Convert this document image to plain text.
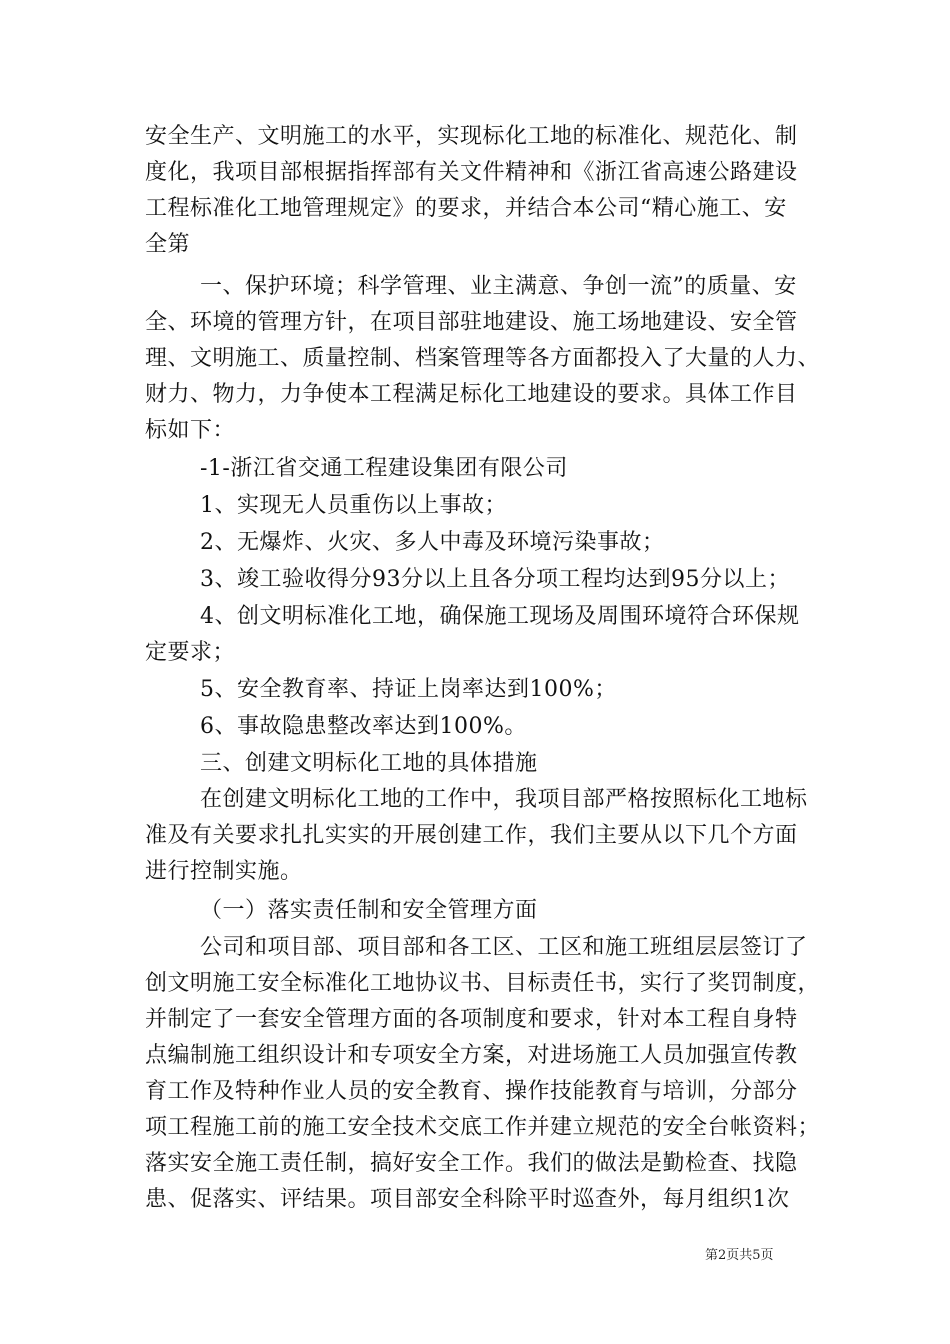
安全生产、文明施工的水平，实现标化工地的标准化、规范化、制
度化，我项目部根据指挥部有关文件精神和《浙江省高速公路建设
工程标准化工地管理规定》的要求，并结合本公司“精心施工、安
全第
一、保护环境；科学管理、业主满意、争创一流”的质量、安
全、环境的管理方针，在项目部驻地建设、施工场地建设、安全管
理、文明施工、质量控制、档案管理等各方面都投入了大量的人力、
财力、物力，力争使本工程满足标化工地建设的要求。具体工作目
标如下：
-1-浙江省交通工程建设集团有限公司
1、实现无人员重伤以上事故；
2、无爆炸、火灾、多人中毒及环境污染事故；
3、竣工验收得分93分以上且各分项工程均达到95分以上；
4、创文明标准化工地，确保施工现场及周围环境符合环保规
定要求；
5、安全教育率、持证上岗率达到100%；
6、事故隐患整改率达到100%。
三、创建文明标化工地的具体措施
在创建文明标化工地的工作中，我项目部严格按照标化工地标
准及有关要求扎扎实实的开展创建工作，我们主要从以下几个方面
进行控制实施。
（一）落实责任制和安全管理方面
公司和项目部、项目部和各工区、工区和施工班组层层签订了
创文明施工安全标准化工地协议书、目标责任书，实行了奖罚制度，
并制定了一套安全管理方面的各项制度和要求，针对本工程自身特
点编制施工组织设计和专项安全方案，对进场施工人员加强宣传教
育工作及特种作业人员的安全教育、操作技能教育与培训，分部分
项工程施工前的施工安全技术交底工作并建立规范的安全台帐资料；
落实安全施工责任制，搞好安全工作。我们的做法是勤检查、找隐
患、促落实、评结果。项目部安全科除平时巡查外，每月组织1次
第2页共5页
